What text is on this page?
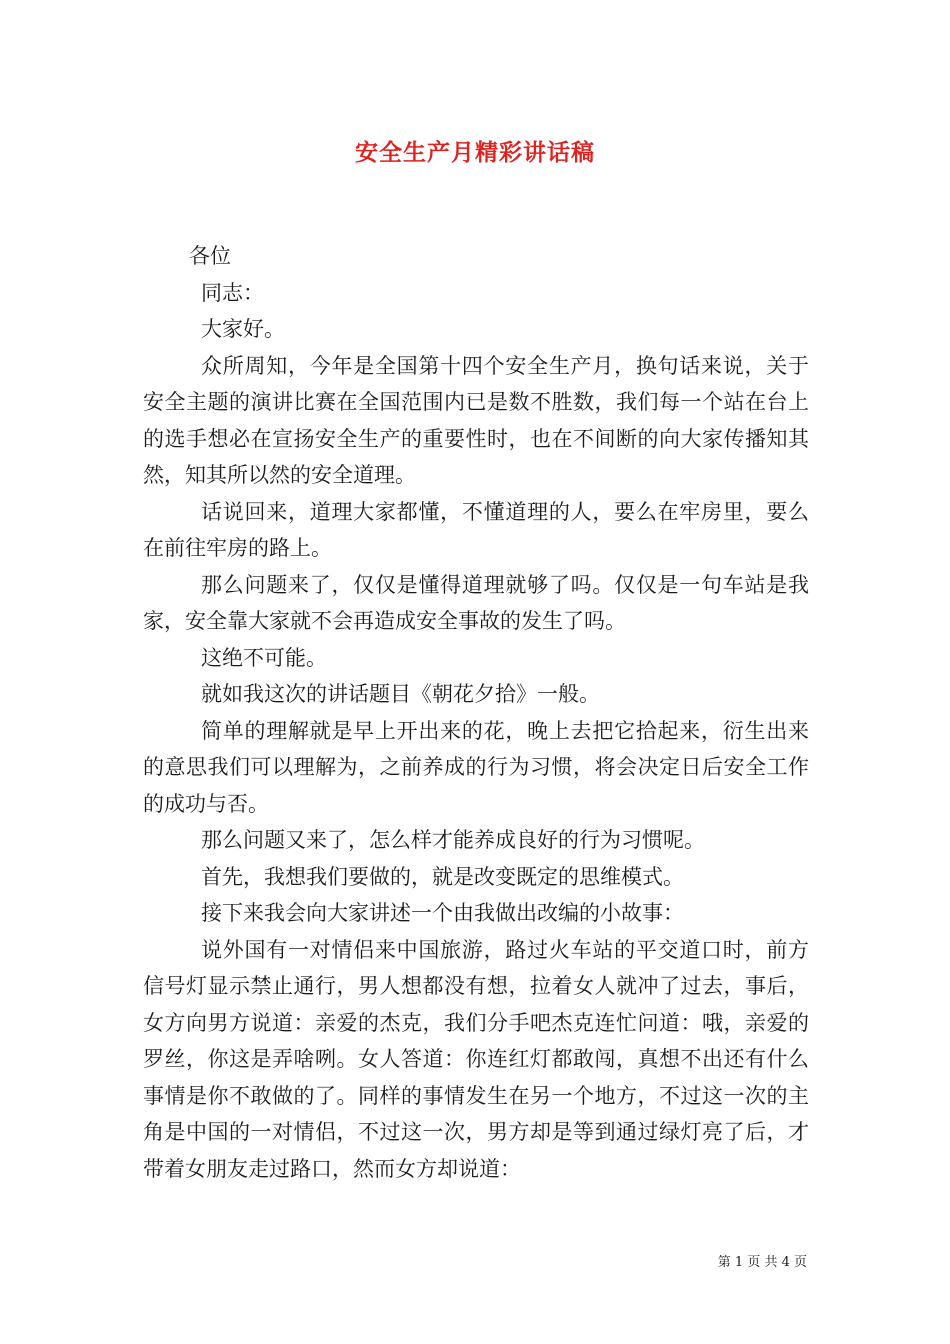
安全生产月精彩讲话稿

各位

同志：

大家好。

众所周知，今年是全国第十四个安全生产月，换句话来说，关于安全主题的演讲比赛在全国范围内已是数不胜数，我们每一个站在台上的选手想必在宣扬安全生产的重要性时，也在不间断的向大家传播知其然，知其所以然的安全道理。

话说回来，道理大家都懂，不懂道理的人，要么在牢房里，要么在前往牢房的路上。

那么问题来了，仅仅是懂得道理就够了吗。仅仅是一句车站是我家，安全靠大家就不会再造成安全事故的发生了吗。

这绝不可能。

就如我这次的讲话题目《朝花夕拾》一般。

简单的理解就是早上开出来的花，晚上去把它拾起来，衍生出来的意思我们可以理解为，之前养成的行为习惯，将会决定日后安全工作的成功与否。

那么问题又来了，怎么样才能养成良好的行为习惯呢。

首先，我想我们要做的，就是改变既定的思维模式。

接下来我会向大家讲述一个由我做出改编的小故事：

说外国有一对情侣来中国旅游，路过火车站的平交道口时，前方信号灯显示禁止通行，男人想都没有想，拉着女人就冲了过去，事后，女方向男方说道：亲爱的杰克，我们分手吧杰克连忙问道：哦，亲爱的罗丝，你这是弄啥咧。女人答道：你连红灯都敢闯，真想不出还有什么事情是你不敢做的了。同样的事情发生在另一个地方，不过这一次的主角是中国的一对情侣，不过这一次，男方却是等到通过绿灯亮了后，才带着女朋友走过路口，然而女方却说道：

第 1 页 共 4 页
